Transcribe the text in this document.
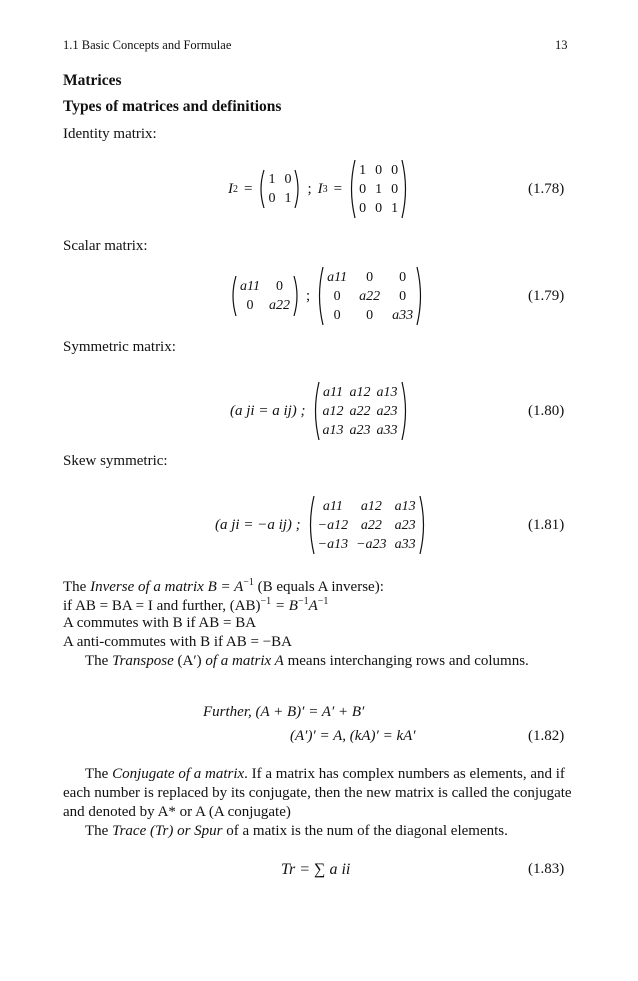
1.1 Basic Concepts and Formulae	13
Matrices
Types of matrices and definitions
Identity matrix:
I 2 =
1 0
0 1
; I 3 =
1 0 0
0 1 0
0 0 1
(1.78)
Scalar matrix:
a11	0
0	a22
;
a11	0	0
0	a22	0
0	0	a33
(1.79)
Symmetric matrix:
(a ji = a ij) ;
a11 a12 a13
a12 a22 a23
a13 a23 a33
(1.80)
Skew symmetric:
(a ji = −a ij) ;
a11	a12 a13
−a12 a22 a23
−a13 −a23 a33
(1.81)
The Inverse of a matrix $B = A^{-1}$ (B equals A inverse):
if AB = BA = I and further, $(AB)^{-1} = B^{-1}A^{-1}$
A commutes with B if AB = BA
A anti-commutes with B if AB = −BA
The Transpose (A′) of a matrix A means interchanging rows and columns.
Further, (A + B)′ = A′ + B′
(A′)′ = A, (kA)′ = kA′	(1.82)
The Conjugate of a matrix. If a matrix has complex numbers as elements, and if
each number is replaced by its conjugate, then the new matrix is called the conjugate
and denoted by A* or A (A conjugate)
The Trace (Tr) or Spur of a matix is the num of the diagonal elements.
Tr = ∑ a ii	(1.83)
